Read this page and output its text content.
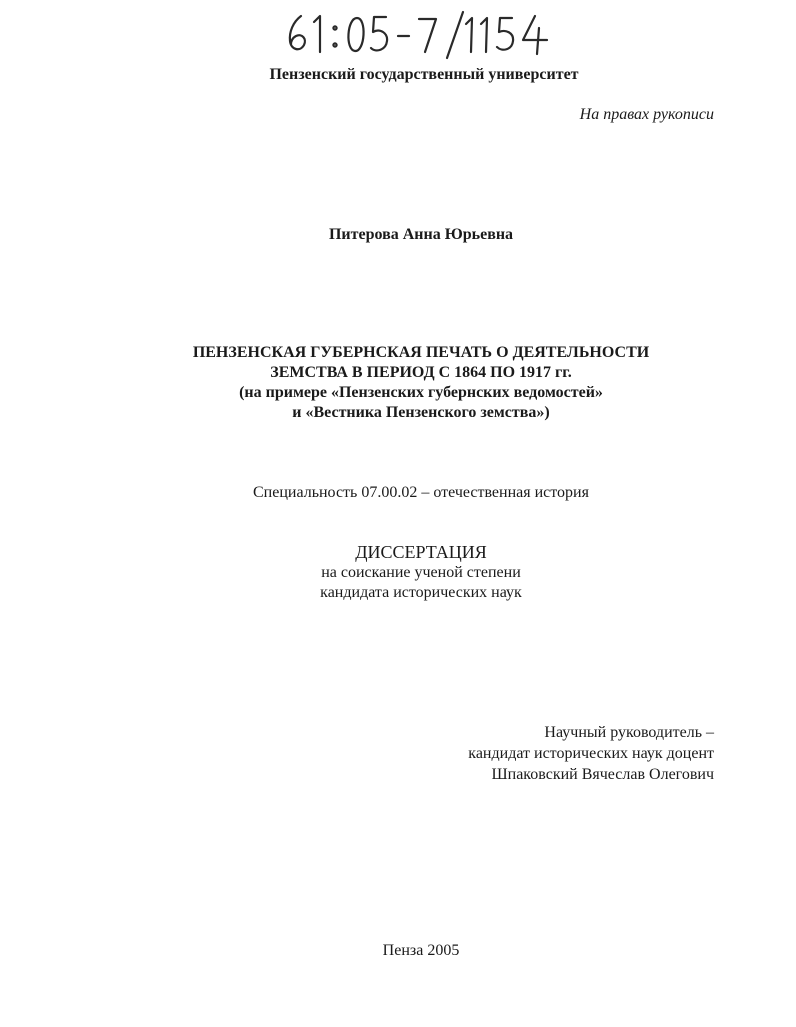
Пензенский государственный университет
На правах рукописи
Питерова Анна Юрьевна
ПЕНЗЕНСКАЯ ГУБЕРНСКАЯ ПЕЧАТЬ О ДЕЯТЕЛЬНОСТИ
ЗЕМСТВА В ПЕРИОД С 1864 ПО 1917 гг.
(на примере «Пензенских губернских ведомостей»
и «Вестника Пензенского земства»)
Специальность 07.00.02 – отечественная история
ДИССЕРТАЦИЯ
на соискание ученой степени
кандидата исторических наук
Научный руководитель –
кандидат исторических наук доцент
Шпаковский Вячеслав Олегович
Пенза 2005
